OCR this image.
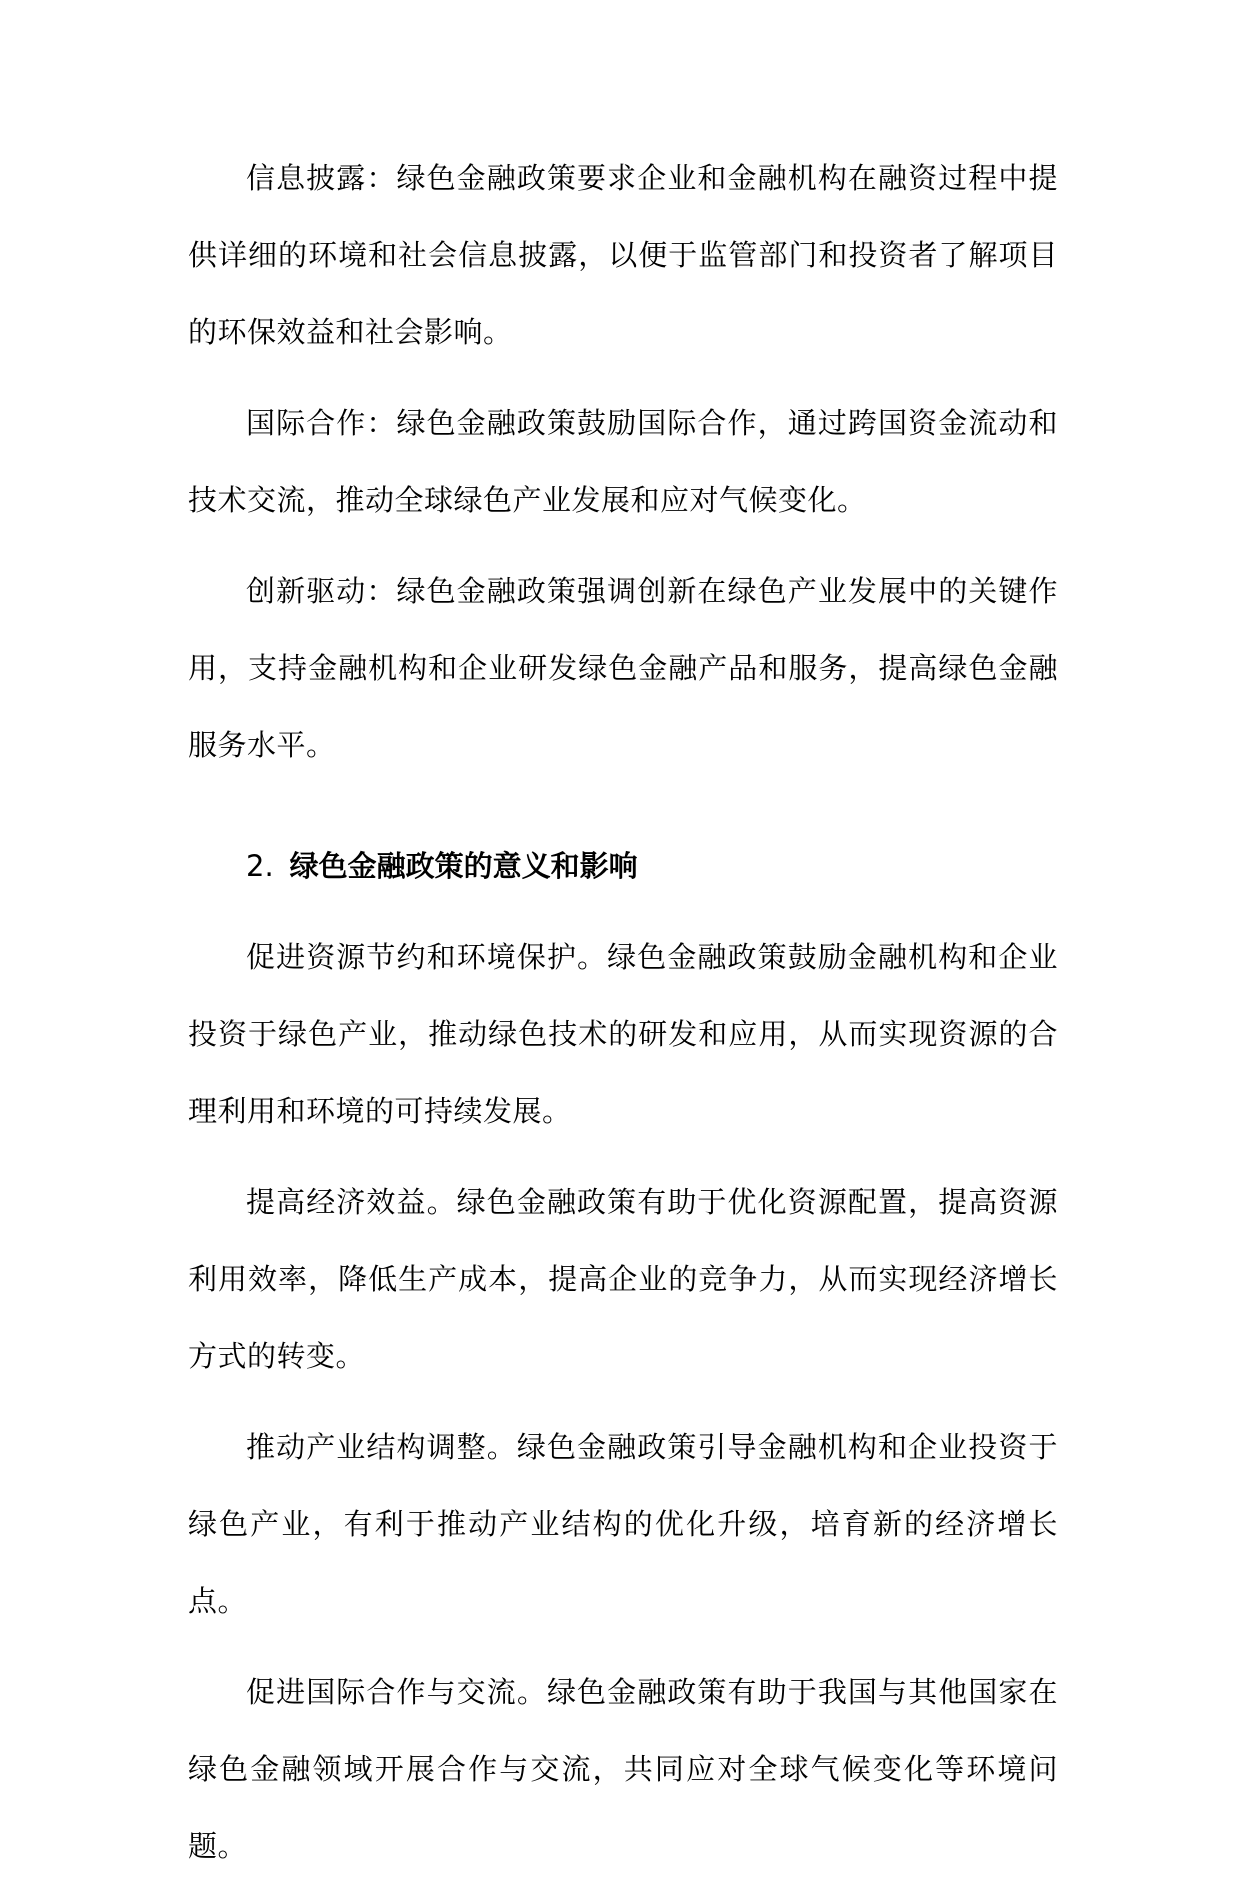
信息披露：绿色金融政策要求企业和金融机构在融资过程中提供详细的环境和社会信息披露，以便于监管部门和投资者了解项目的环保效益和社会影响。

国际合作：绿色金融政策鼓励国际合作，通过跨国资金流动和技术交流，推动全球绿色产业发展和应对气候变化。

创新驱动：绿色金融政策强调创新在绿色产业发展中的关键作用，支持金融机构和企业研发绿色金融产品和服务，提高绿色金融服务水平。

2. 绿色金融政策的意义和影响

促进资源节约和环境保护。绿色金融政策鼓励金融机构和企业投资于绿色产业，推动绿色技术的研发和应用，从而实现资源的合理利用和环境的可持续发展。

提高经济效益。绿色金融政策有助于优化资源配置，提高资源利用效率，降低生产成本，提高企业的竞争力，从而实现经济增长方式的转变。

推动产业结构调整。绿色金融政策引导金融机构和企业投资于绿色产业，有利于推动产业结构的优化升级，培育新的经济增长点。

促进国际合作与交流。绿色金融政策有助于我国与其他国家在绿色金融领域开展合作与交流，共同应对全球气候变化等环境问题。
